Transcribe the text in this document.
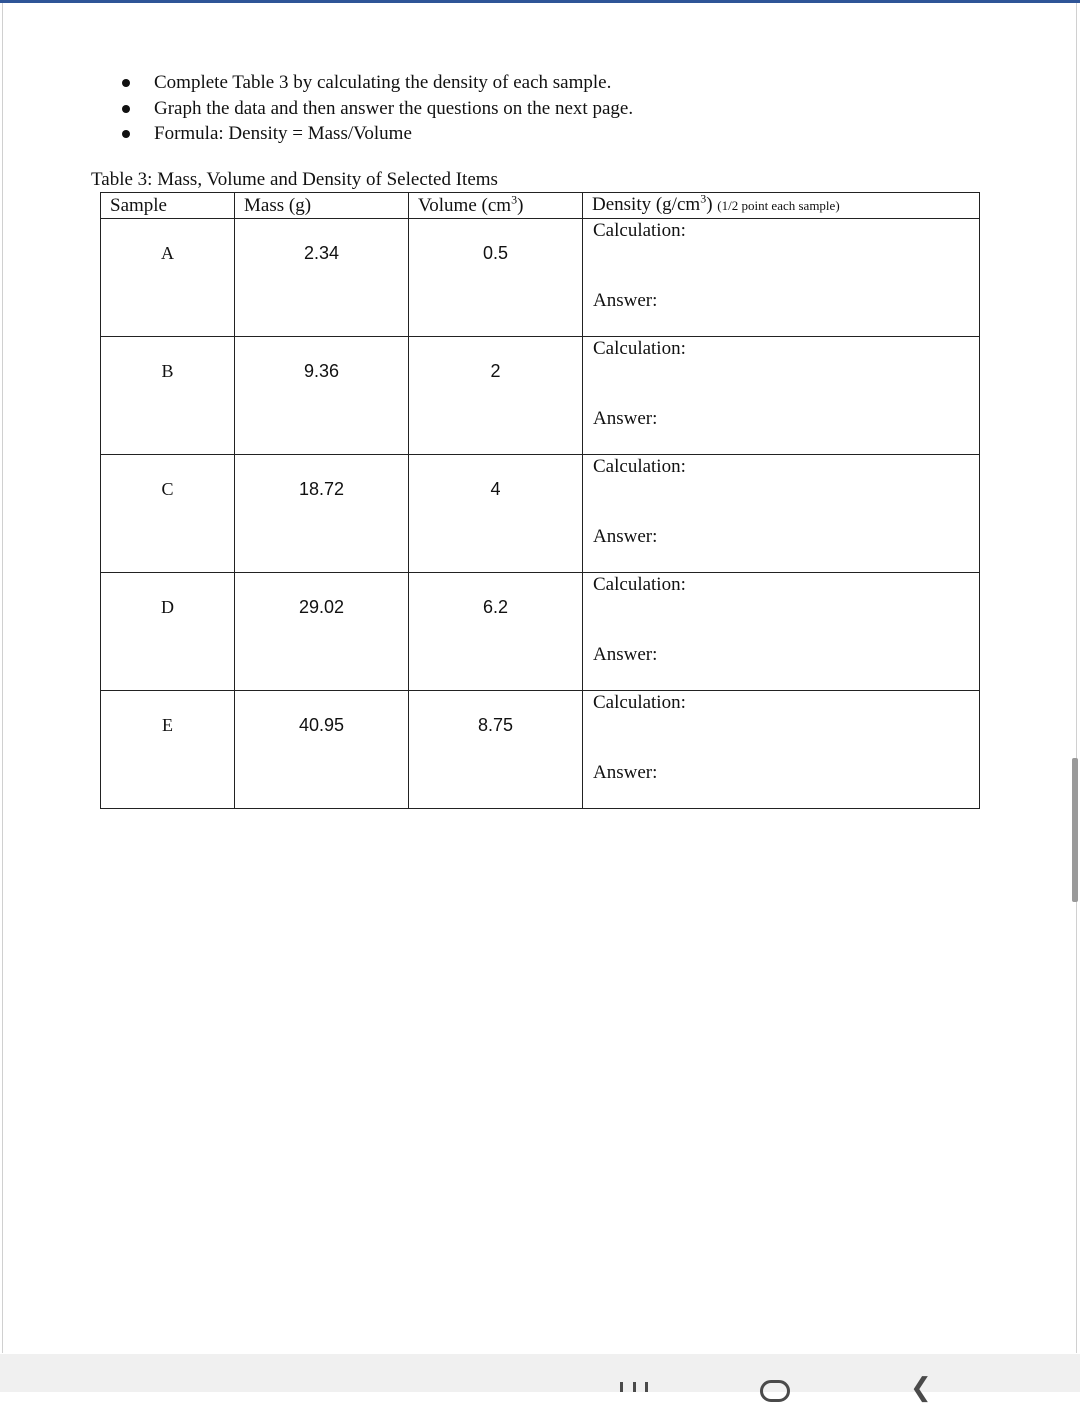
Complete Table 3 by calculating the density of each sample.
Graph the data and then answer the questions on the next page.
Formula: Density = Mass/Volume
Table 3: Mass, Volume and Density of Selected Items
Sample	Mass (g)	Volume $(cm^3)$	Density $(g/cm^3)$ (1/2 point each sample)
A	2.34	0.5	Calculation:
Answer:

B	9.36	2	Calculation:
Answer:

C	18.72	4	Calculation:
Answer:

D	29.02	6.2	Calculation:
Answer:

E	40.95	8.75	Calculation:
Answer:
❮
